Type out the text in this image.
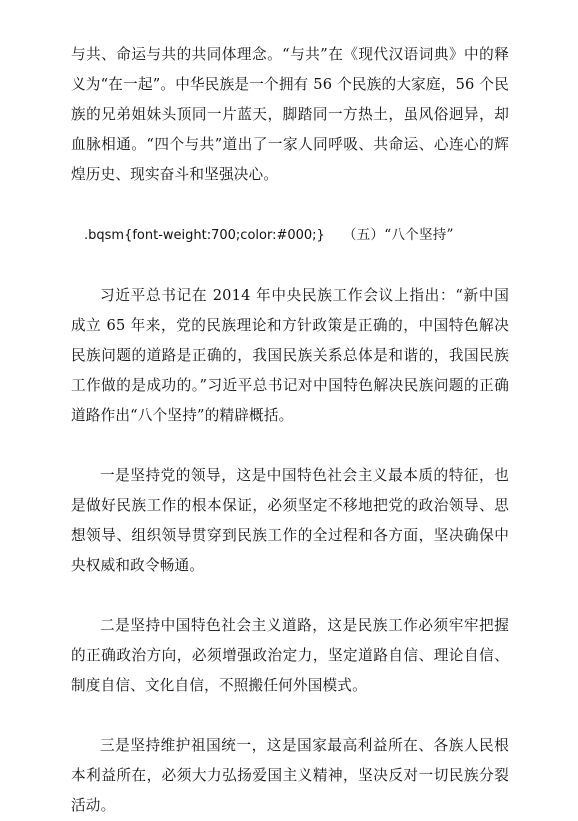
与共、命运与共的共同体理念。“与共”在《现代汉语词典》中的释义为“在一起”。中华民族是一个拥有 56 个民族的大家庭，56 个民族的兄弟姐妹头顶同一片蓝天，脚踏同一方热土，虽风俗迥异，却血脉相通。“四个与共”道出了一家人同呼吸、共命运、心连心的辉煌历史、现实奋斗和坚强决心。

.bqsm{font-weight:700;color:#000;} （五）“八个坚持”

习近平总书记在 2014 年中央民族工作会议上指出：“新中国成立 65 年来，党的民族理论和方针政策是正确的，中国特色解决民族问题的道路是正确的，我国民族关系总体是和谐的，我国民族工作做的是成功的。”习近平总书记对中国特色解决民族问题的正确道路作出“八个坚持”的精辟概括。

一是坚持党的领导，这是中国特色社会主义最本质的特征，也是做好民族工作的根本保证，必须坚定不移地把党的政治领导、思想领导、组织领导贯穿到民族工作的全过程和各方面，坚决确保中央权威和政令畅通。

二是坚持中国特色社会主义道路，这是民族工作必须牢牢把握的正确政治方向，必须增强政治定力，坚定道路自信、理论自信、制度自信、文化自信，不照搬任何外国模式。

三是坚持维护祖国统一，这是国家最高利益所在、各族人民根本利益所在，必须大力弘扬爱国主义精神，坚决反对一切民族分裂活动。
